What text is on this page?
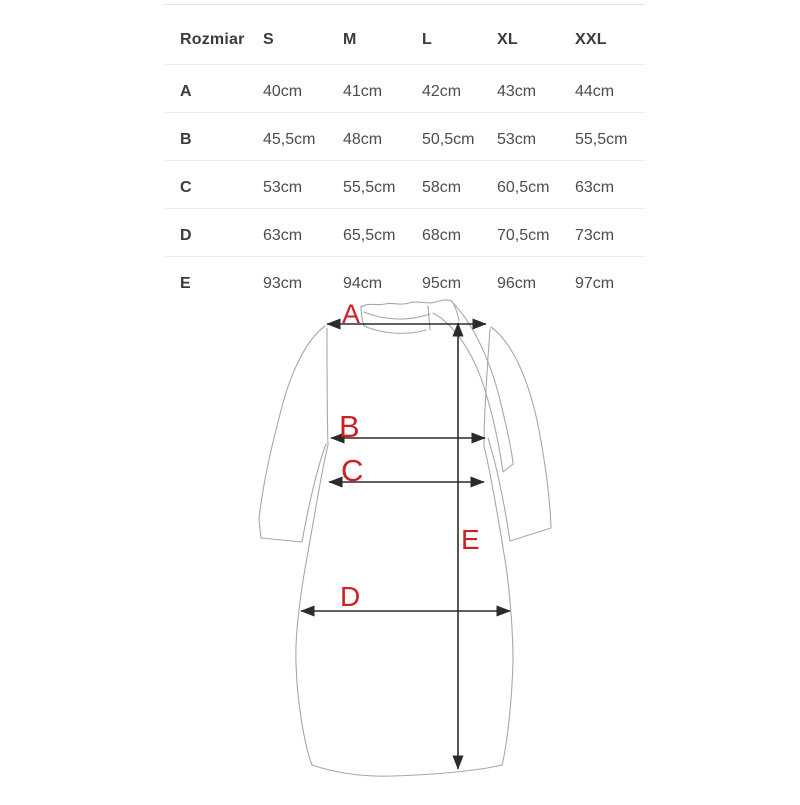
Rozmiar	S	M	L	XL	XXL
A	40cm	41cm	42cm	43cm	44cm
B	45,5cm	48cm	50,5cm	53cm	55,5cm
C	53cm	55,5cm	58cm	60,5cm	63cm
D	63cm	65,5cm	68cm	70,5cm	73cm
E	93cm	94cm	95cm	96cm	97cm
A
B
C
D
E
